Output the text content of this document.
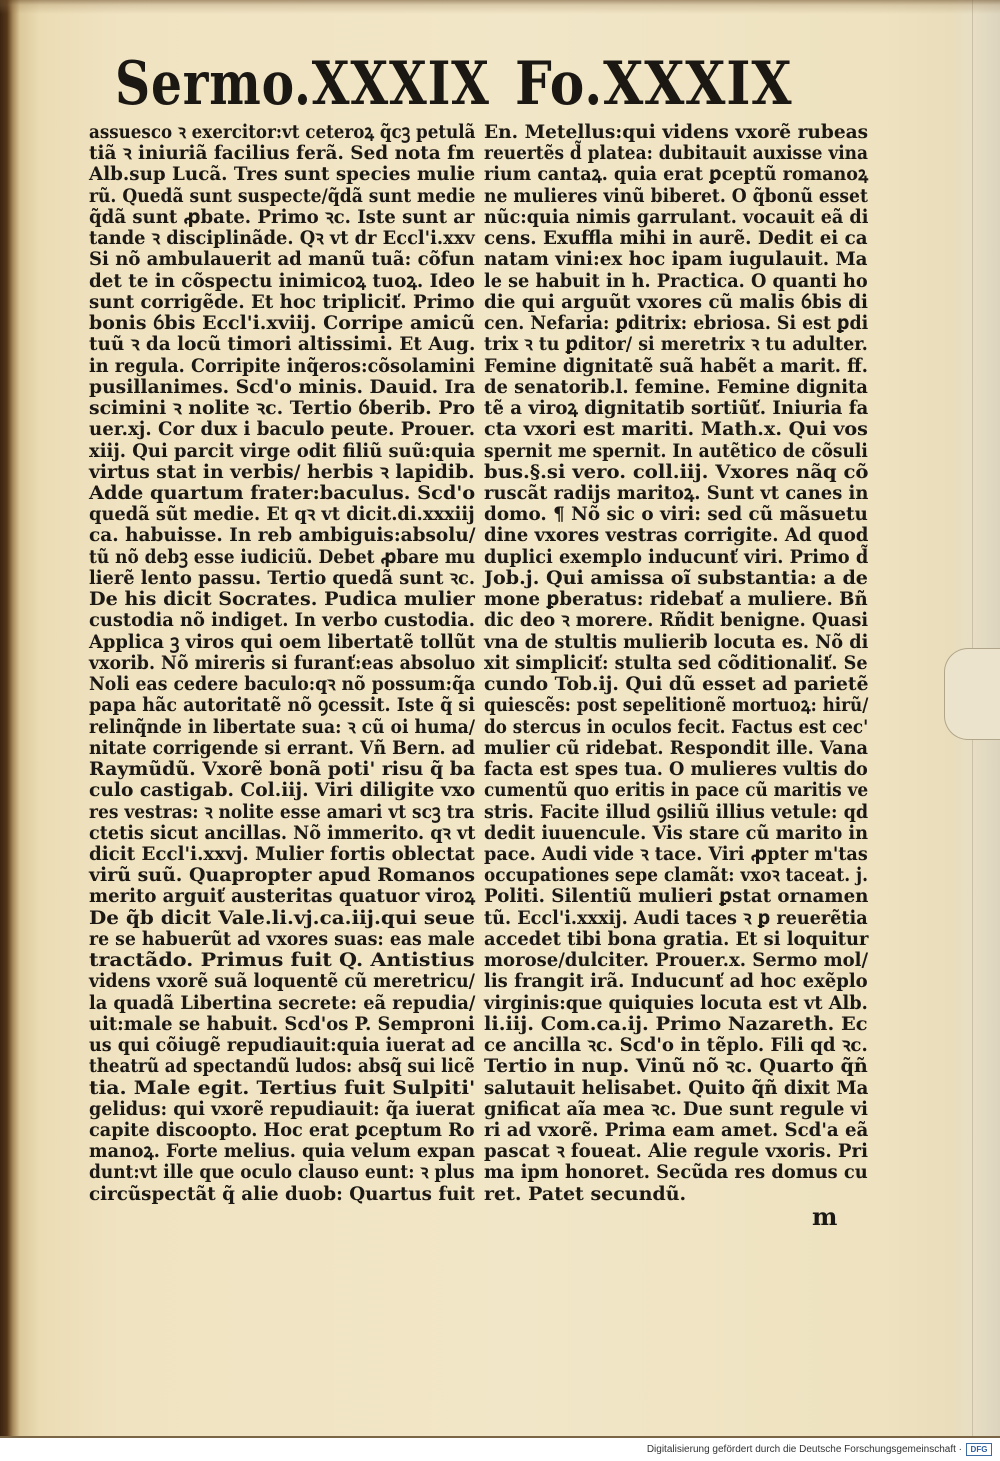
Sermo.XXXIX Fo.XXXIX
assuesco ꝛ exercitor:vt ceteroꝝ q̃cꝫ petulã
tiã ꝛ iniuriã facilius ferã. Sed nota fm
Alb.sup Lucã. Tres sunt species mulie
rũ. Quedã sunt suspecte/q̃dã sunt medie
q̃dã sunt ꝓbate. Primo ꝛc. Iste sunt ar
tande ꝛ disciplinãde. Qꝛ vt dr Eccl'i.xxv
Si nõ ambulauerit ad manũ tuã: cõfun
det te in cõspectu inimicoꝝ tuoꝝ. Ideo
sunt corrigẽde. Et hoc tripliciť. Primo
bonis ỽbis Eccl'i.xviij. Corripe amicũ
tuũ ꝛ da locũ timori altissimi. Et Aug.
in regula. Corripite inq̃eros:cõsolamini
pusillanimes. Scd'o minis. Dauid. Ira
scimini ꝛ nolite ꝛc. Tertio ỽberib. Pro
uer.xj. Cor dux i baculo peute. Prouer.
xiij. Qui parcit virge odit filiũ suũ:quia
virtus stat in verbis/ herbis ꝛ lapidib.
Adde quartum frater:baculus. Scd'o
quedã sũt medie. Et qꝛ vt dicit.di.xxxiij
ca. habuisse. In reb ambiguis:absolu/
tũ nõ debꝫ esse iudiciũ. Debet ꝓbare mu
lierẽ lento passu. Tertio quedã sunt ꝛc.
De his dicit Socrates. Pudica mulier
custodia nõ indiget. In verbo custodia.
Applica ꝫ viros qui oem libertatẽ tollũt
vxorib. Nõ mireris si furanť:eas absoluo
Noli eas cedere baculo:qꝛ nõ possum:q̃a
papa hãc autoritatẽ nõ ꝯcessit. Iste q̃ si
relinq̃nde in libertate sua: ꝛ cũ oi huma/
nitate corrigende si errant. Vñ Bern. ad
Raymũdũ. Vxorẽ bonã poti' risu q̃ ba
culo castigab. Col.iij. Viri diligite vxo
res vestras: ꝛ nolite esse amari vt scꝫ tra
ctetis sicut ancillas. Nõ immerito. qꝛ vt
dicit Eccl'i.xxvj. Mulier fortis oblectat
virũ suũ. Quapropter apud Romanos
merito arguiť austeritas quatuor viroꝝ
De q̃b dicit Vale.li.vj.ca.iij.qui seue
re se habuerũt ad vxores suas: eas male
tractãdo. Primus fuit Q. Antistius
videns vxorẽ suã loquentẽ cũ meretricu/
la quadã Libertina secrete: eã repudia/
uit:male se habuit. Scd'os P. Semproni
us qui cõiugẽ repudiauit:quia iuerat ad
theatrũ ad spectandũ ludos: absq̃ sui licẽ
tia. Male egit. Tertius fuit Sulpiti'
gelidus: qui vxorẽ repudiauit: q̃a iuerat
capite discoopto. Hoc erat ꝑceptum Ro
manoꝝ. Forte melius. quia velum expan
dunt:vt ille que oculo clauso eunt: ꝛ plus
circũspectãt q̃ alie duob: Quartus fuit
En. Metellus:qui videns vxorẽ rubeas
reuertẽs d̃ platea: dubitauit auxisse vina
rium cantaꝝ. quia erat ꝑceptũ romanoꝝ
ne mulieres vinũ biberet. O q̃bonũ esset
nũc:quia nimis garrulant. vocauit eã di
cens. Exuffla mihi in aurẽ. Dedit ei ca
natam vini:ex hoc ipam iugulauit. Ma
le se habuit in h. Practica. O quanti ho
die qui arguũt vxores cũ malis ỽbis di
cen. Nefaria: ꝑditrix: ebriosa. Si est ꝑdi
trix ꝛ tu ꝑditor/ si meretrix ꝛ tu adulter.
Femine dignitatẽ suã habẽt a marit. ff.
de senatorib.l. femine. Femine dignita
tẽ a viroꝝ dignitatib sortiũť. Iniuria fa
cta vxori est mariti. Math.x. Qui vos
spernit me spernit. In autẽtico de cõsuli
bus.§.si vero. coll.iij. Vxores nãq cõ
ruscãt radijs maritoꝝ. Sunt vt canes in
domo. ¶ Nõ sic o viri: sed cũ mãsuetu
dine vxores vestras corrigite. Ad quod
duplici exemplo inducunť viri. Primo d̃
Job.j. Qui amissa oĩ substantia: a de
mone ꝑberatus: ridebať a muliere. Bñ
dic deo ꝛ morere. Rñdit benigne. Quasi
vna de stultis mulierib locuta es. Nõ di
xit simpliciť: stulta sed cõditionaliť. Se
cundo Tob.ij. Qui dũ esset ad parietẽ
quiescẽs: post sepelitionẽ mortuoꝝ: hirũ/
do stercus in oculos fecit. Factus est cec'
mulier cũ ridebat. Respondit ille. Vana
facta est spes tua. O mulieres vultis do
cumentũ quo eritis in pace cũ maritis ve
stris. Facite illud ꝯsiliũ illius vetule: qd
dedit iuuencule. Vis stare cũ marito in
pace. Audi vide ꝛ tace. Viri ꝓpter m'tas
occupationes sepe clamãt: vxoꝛ taceat. j.
Politi. Silentiũ mulieri ꝑstat ornamen
tũ. Eccl'i.xxxij. Audi taces ꝛ ꝑ reuerẽtia
accedet tibi bona gratia. Et si loquitur
morose/dulciter. Prouer.x. Sermo mol/
lis frangit irã. Inducunť ad hoc exẽplo
virginis:que quiquies locuta est vt Alb.
li.iij. Com.ca.ij. Primo Nazareth. Ec
ce ancilla ꝛc. Scd'o in tẽplo. Fili qd ꝛc.
Tertio in nup. Vinũ nõ ꝛc. Quarto q̃ñ
salutauit helisabet. Quito q̃ñ dixit Ma
gnificat aĩa mea ꝛc. Due sunt regule vi
ri ad vxorẽ. Prima eam amet. Scd'a eã
pascat ꝛ foueat. Alie regule vxoris. Pri
ma ipm honoret. Secũda res domus cu
ret. Patet secundũ.
m
Digitalisierung gefördert durch die Deutsche Forschungsgemeinschaft ·	DFG
